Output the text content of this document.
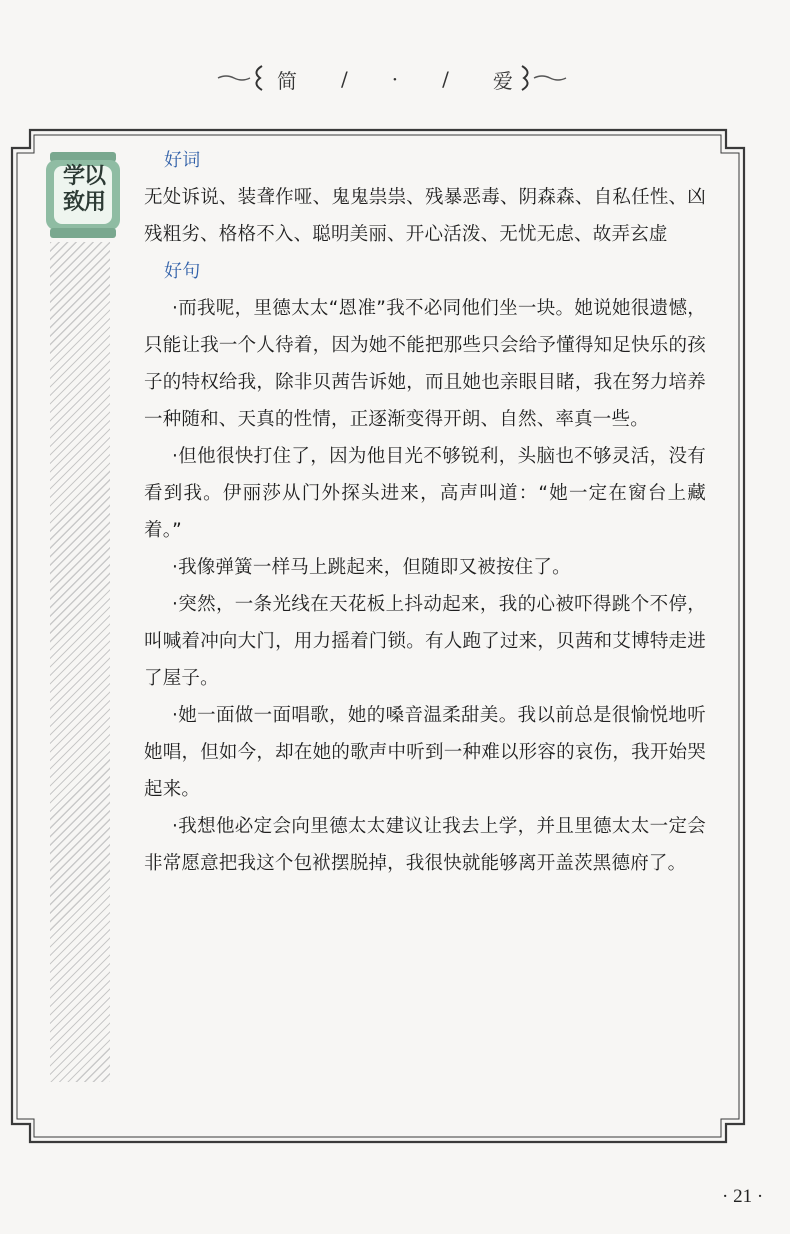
简 / · / 爱
学以
致用
好词
无处诉说、装聋作哑、鬼鬼祟祟、残暴恶毒、阴森森、自私任性、凶残粗劣、格格不入、聪明美丽、开心活泼、无忧无虑、故弄玄虚
好句

·而我呢，里德太太“恩准”我不必同他们坐一块。她说她很遗憾，只能让我一个人待着，因为她不能把那些只会给予懂得知足快乐的孩子的特权给我，除非贝茜告诉她，而且她也亲眼目睹，我在努力培养一种随和、天真的性情，正逐渐变得开朗、自然、率真一些。

·但他很快打住了，因为他目光不够锐利，头脑也不够灵活，没有看到我。伊丽莎从门外探头进来，高声叫道：“她一定在窗台上藏着。”

·我像弹簧一样马上跳起来，但随即又被按住了。

·突然，一条光线在天花板上抖动起来，我的心被吓得跳个不停，叫喊着冲向大门，用力摇着门锁。有人跑了过来，贝茜和艾博特走进了屋子。

·她一面做一面唱歌，她的嗓音温柔甜美。我以前总是很愉悦地听她唱，但如今，却在她的歌声中听到一种难以形容的哀伤，我开始哭起来。

·我想他必定会向里德太太建议让我去上学，并且里德太太一定会非常愿意把我这个包袱摆脱掉，我很快就能够离开盖茨黑德府了。

· 21 ·
